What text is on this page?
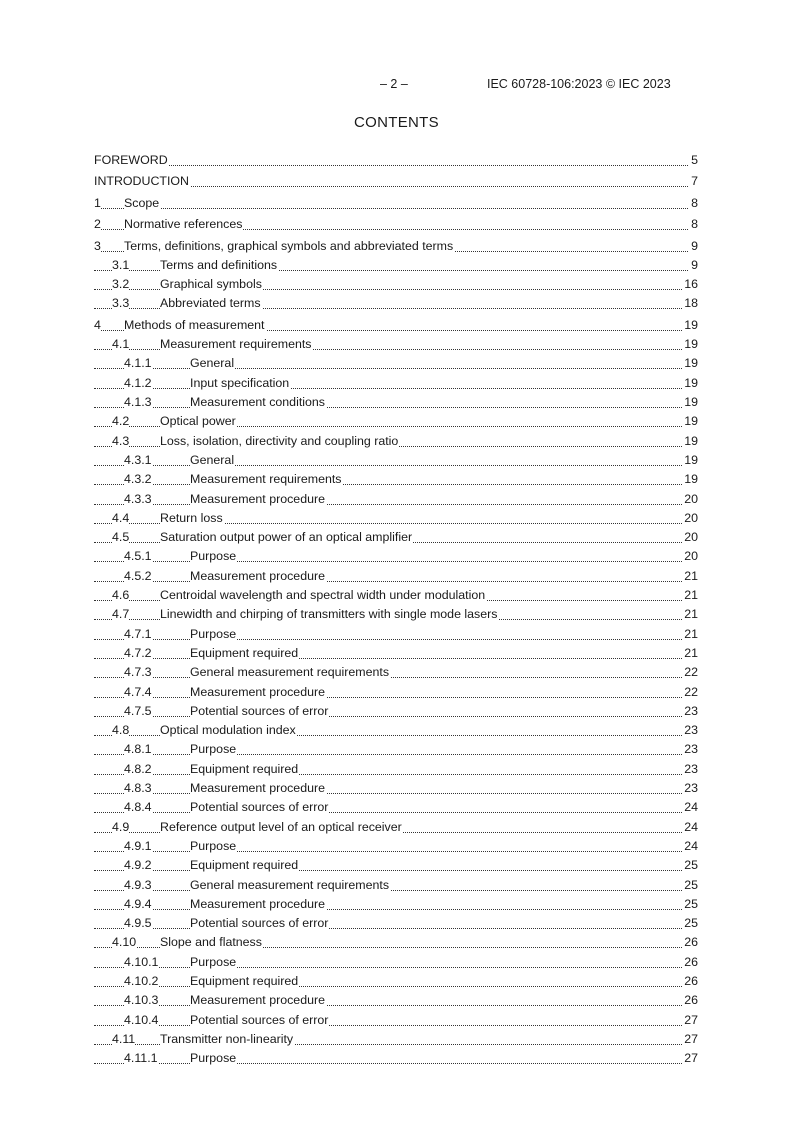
– 2 –	IEC 60728-106:2023 © IEC 2023
CONTENTS
FOREWORD	5
INTRODUCTION	7
1 Scope	8
2 Normative references	8
3 Terms, definitions, graphical symbols and abbreviated terms	9
3.1 Terms and definitions	9
3.2 Graphical symbols	16
3.3 Abbreviated terms	18
4 Methods of measurement	19
4.1 Measurement requirements	19
4.1.1	General	19
4.1.2	Input specification	19
4.1.3	Measurement conditions	19
4.2 Optical power	19
4.3 Loss, isolation, directivity and coupling ratio	19
4.3.1	General	19
4.3.2	Measurement requirements	19
4.3.3	Measurement procedure	20
4.4 Return loss	20
4.5 Saturation output power of an optical amplifier	20
4.5.1	Purpose	20
4.5.2	Measurement procedure	21
4.6 Centroidal wavelength and spectral width under modulation	21
4.7 Linewidth and chirping of transmitters with single mode lasers	21
4.7.1	Purpose	21
4.7.2	Equipment required	21
4.7.3	General measurement requirements	22
4.7.4	Measurement procedure	22
4.7.5	Potential sources of error	23
4.8 Optical modulation index	23
4.8.1	Purpose	23
4.8.2	Equipment required	23
4.8.3	Measurement procedure	23
4.8.4	Potential sources of error	24
4.9 Reference output level of an optical receiver	24
4.9.1	Purpose	24
4.9.2	Equipment required	25
4.9.3	General measurement requirements	25
4.9.4	Measurement procedure	25
4.9.5	Potential sources of error	25
4.10 Slope and flatness	26
4.10.1	Purpose	26
4.10.2	Equipment required	26
4.10.3	Measurement procedure	26
4.10.4	Potential sources of error	27
4.11 Transmitter non-linearity	27
4.11.1	Purpose	27
